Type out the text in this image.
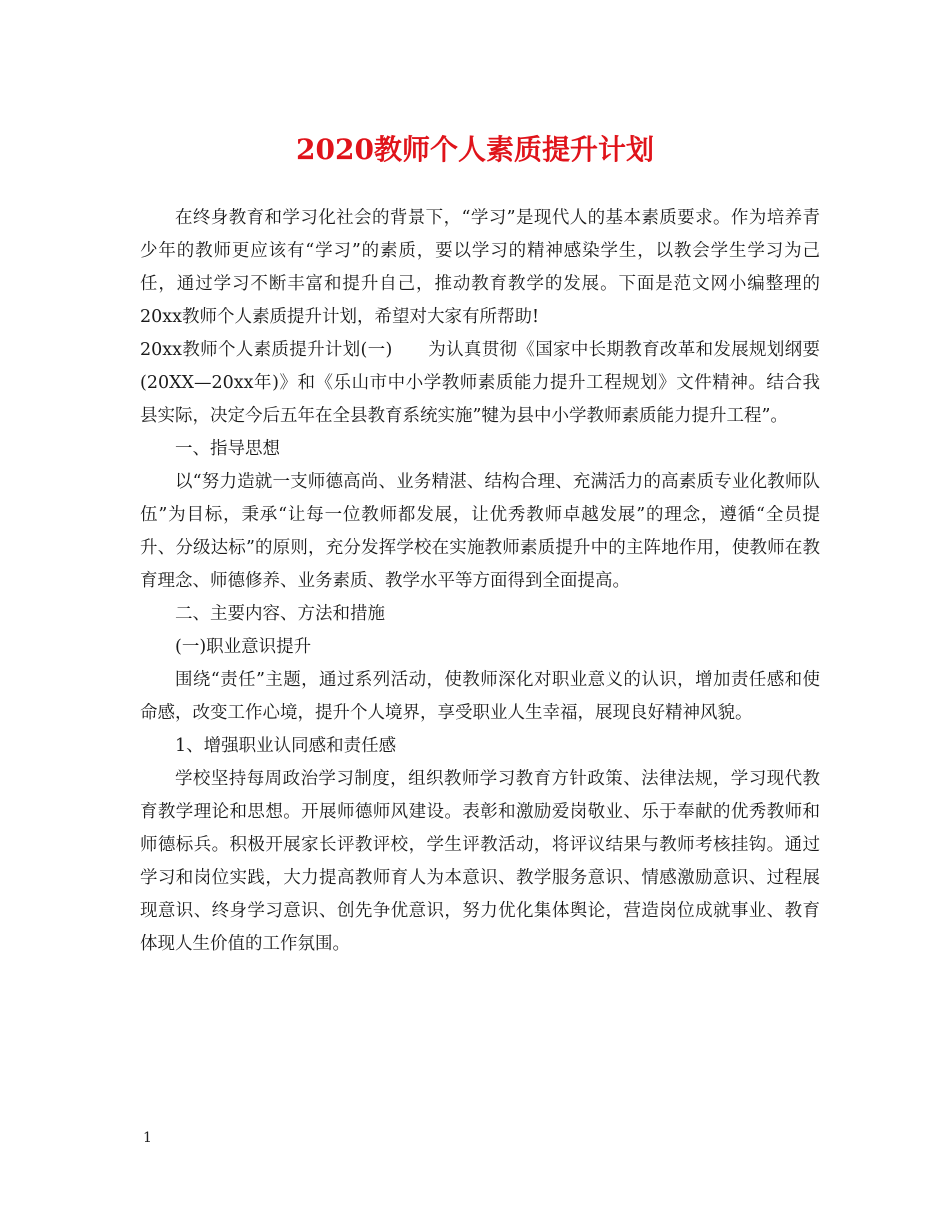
2020教师个人素质提升计划

在终身教育和学习化社会的背景下，“学习”是现代人的基本素质要求。作为培养青少年的教师更应该有“学习”的素质，要以学习的精神感染学生，以教会学生学习为己任，通过学习不断丰富和提升自己，推动教育教学的发展。下面是范文网小编整理的20xx教师个人素质提升计划，希望对大家有所帮助!

20xx教师个人素质提升计划(一)　　为认真贯彻《国家中长期教育改革和发展规划纲要(20XX—20xx年)》和《乐山市中小学教师素质能力提升工程规划》文件精神。结合我县实际，决定今后五年在全县教育系统实施”犍为县中小学教师素质能力提升工程”。

一、指导思想

以“努力造就一支师德高尚、业务精湛、结构合理、充满活力的高素质专业化教师队伍”为目标，秉承“让每一位教师都发展，让优秀教师卓越发展”的理念，遵循“全员提升、分级达标”的原则，充分发挥学校在实施教师素质提升中的主阵地作用，使教师在教育理念、师德修养、业务素质、教学水平等方面得到全面提高。

二、主要内容、方法和措施

(一)职业意识提升

围绕“责任”主题，通过系列活动，使教师深化对职业意义的认识，增加责任感和使命感，改变工作心境，提升个人境界，享受职业人生幸福，展现良好精神风貌。

1、增强职业认同感和责任感

学校坚持每周政治学习制度，组织教师学习教育方针政策、法律法规，学习现代教育教学理论和思想。开展师德师风建设。表彰和激励爱岗敬业、乐于奉献的优秀教师和师德标兵。积极开展家长评教评校，学生评教活动，将评议结果与教师考核挂钩。通过学习和岗位实践，大力提高教师育人为本意识、教学服务意识、情感激励意识、过程展现意识、终身学习意识、创先争优意识，努力优化集体舆论，营造岗位成就事业、教育体现人生价值的工作氛围。

1
